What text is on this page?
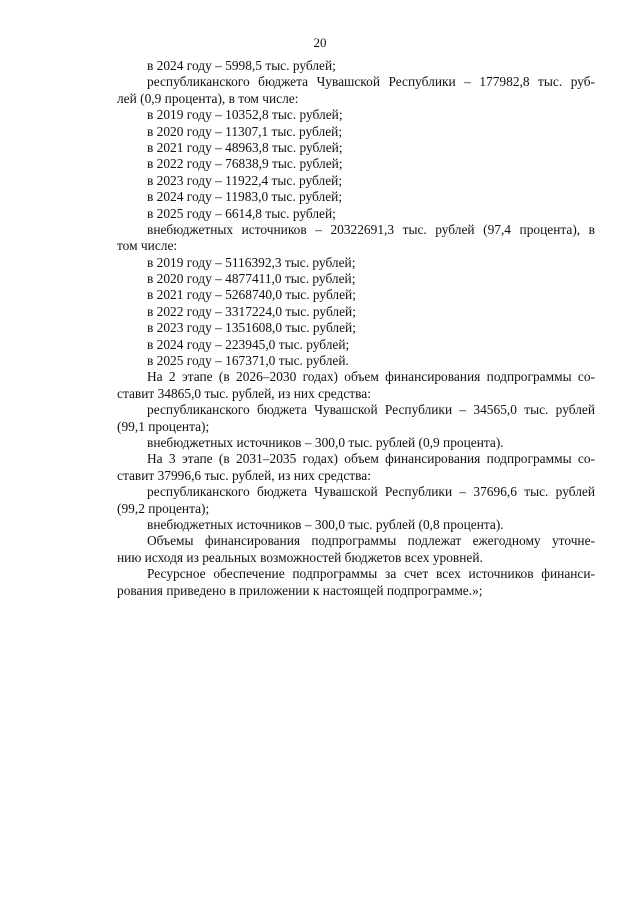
20
в 2024 году – 5998,5 тыс. рублей;
республиканского бюджета Чувашской Республики – 177982,8 тыс. руб-
лей (0,9 процента), в том числе:
в 2019 году – 10352,8 тыс. рублей;
в 2020 году – 11307,1 тыс. рублей;
в 2021 году – 48963,8 тыс. рублей;
в 2022 году – 76838,9 тыс. рублей;
в 2023 году – 11922,4 тыс. рублей;
в 2024 году – 11983,0 тыс. рублей;
в 2025 году – 6614,8 тыс. рублей;
внебюджетных источников – 20322691,3 тыс. рублей (97,4 процента), в
том числе:
в 2019 году – 5116392,3 тыс. рублей;
в 2020 году – 4877411,0 тыс. рублей;
в 2021 году – 5268740,0 тыс. рублей;
в 2022 году – 3317224,0 тыс. рублей;
в 2023 году – 1351608,0 тыс. рублей;
в 2024 году – 223945,0 тыс. рублей;
в 2025 году – 167371,0 тыс. рублей.
На 2 этапе (в 2026–2030 годах) объем финансирования подпрограммы со-
ставит 34865,0 тыс. рублей, из них средства:
республиканского бюджета Чувашской Республики – 34565,0 тыс. рублей
(99,1 процента);
внебюджетных источников – 300,0 тыс. рублей (0,9 процента).
На 3 этапе (в 2031–2035 годах) объем финансирования подпрограммы со-
ставит 37996,6 тыс. рублей, из них средства:
республиканского бюджета Чувашской Республики – 37696,6 тыс. рублей
(99,2 процента);
внебюджетных источников – 300,0 тыс. рублей (0,8 процента).
Объемы финансирования подпрограммы подлежат ежегодному уточне-
нию исходя из реальных возможностей бюджетов всех уровней.
Ресурсное обеспечение подпрограммы за счет всех источников финанси-
рования приведено в приложении к настоящей подпрограмме.»;
